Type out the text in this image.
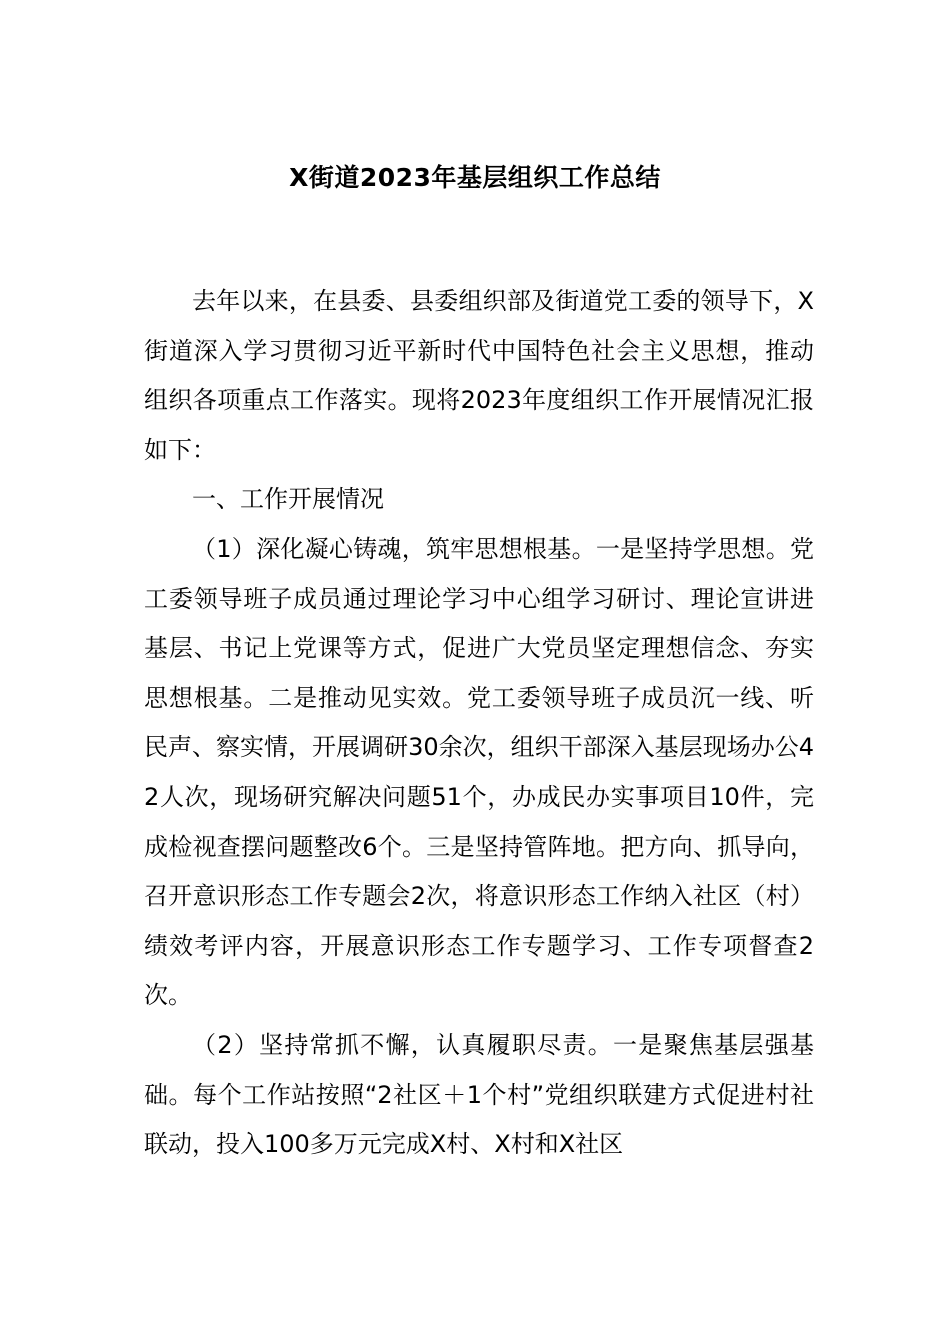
X街道2023年基层组织工作总结

去年以来，在县委、县委组织部及街道党工委的领导下，X街道深入学习贯彻习近平新时代中国特色社会主义思想，推动组织各项重点工作落实。现将2023年度组织工作开展情况汇报如下：

一、工作开展情况

（1）深化凝心铸魂，筑牢思想根基。一是坚持学思想。党工委领导班子成员通过理论学习中心组学习研讨、理论宣讲进基层、书记上党课等方式，促进广大党员坚定理想信念、夯实思想根基。二是推动见实效。党工委领导班子成员沉一线、听民声、察实情，开展调研30余次，组织干部深入基层现场办公42人次，现场研究解决问题51个，办成民办实事项目10件，完成检视查摆问题整改6个。三是坚持管阵地。把方向、抓导向，召开意识形态工作专题会2次，将意识形态工作纳入社区（村）绩效考评内容，开展意识形态工作专题学习、工作专项督查2次。

（2）坚持常抓不懈，认真履职尽责。一是聚焦基层强基础。每个工作站按照“2社区＋1个村”党组织联建方式促进村社联动，投入100多万元完成X村、X村和X社区
